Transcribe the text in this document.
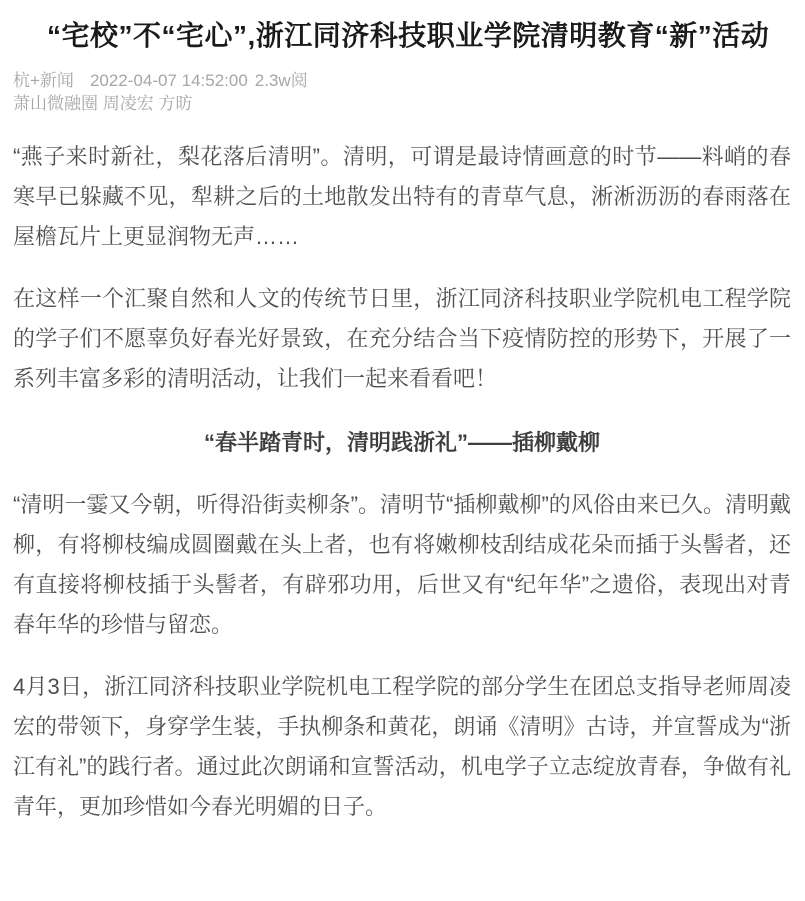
“宅校”不“宅心”,浙江同济科技职业学院清明教育“新”活动
杭+新闻 2022-04-07 14:52:00 2.3w阅
萧山微融圈 周凌宏 方昉

“燕子来时新社，梨花落后清明”。清明，可谓是最诗情画意的时节——料峭的春寒早已躲藏不见，犁耕之后的土地散发出特有的青草气息，淅淅沥沥的春雨落在屋檐瓦片上更显润物无声……

在这样一个汇聚自然和人文的传统节日里，浙江同济科技职业学院机电工程学院的学子们不愿辜负好春光好景致，在充分结合当下疫情防控的形势下，开展了一系列丰富多彩的清明活动，让我们一起来看看吧！

“春半踏青时，清明践浙礼”——插柳戴柳

“清明一霎又今朝，听得沿街卖柳条”。清明节“插柳戴柳”的风俗由来已久。清明戴柳，有将柳枝编成圆圈戴在头上者，也有将嫩柳枝刮结成花朵而插于头髻者，还有直接将柳枝插于头髻者，有辟邪功用，后世又有“纪年华”之遗俗，表现出对青春年华的珍惜与留恋。

4月3日，浙江同济科技职业学院机电工程学院的部分学生在团总支指导老师周凌宏的带领下，身穿学生装，手执柳条和黄花，朗诵《清明》古诗，并宣誓成为“浙江有礼”的践行者。通过此次朗诵和宣誓活动，机电学子立志绽放青春，争做有礼青年，更加珍惜如今春光明媚的日子。
